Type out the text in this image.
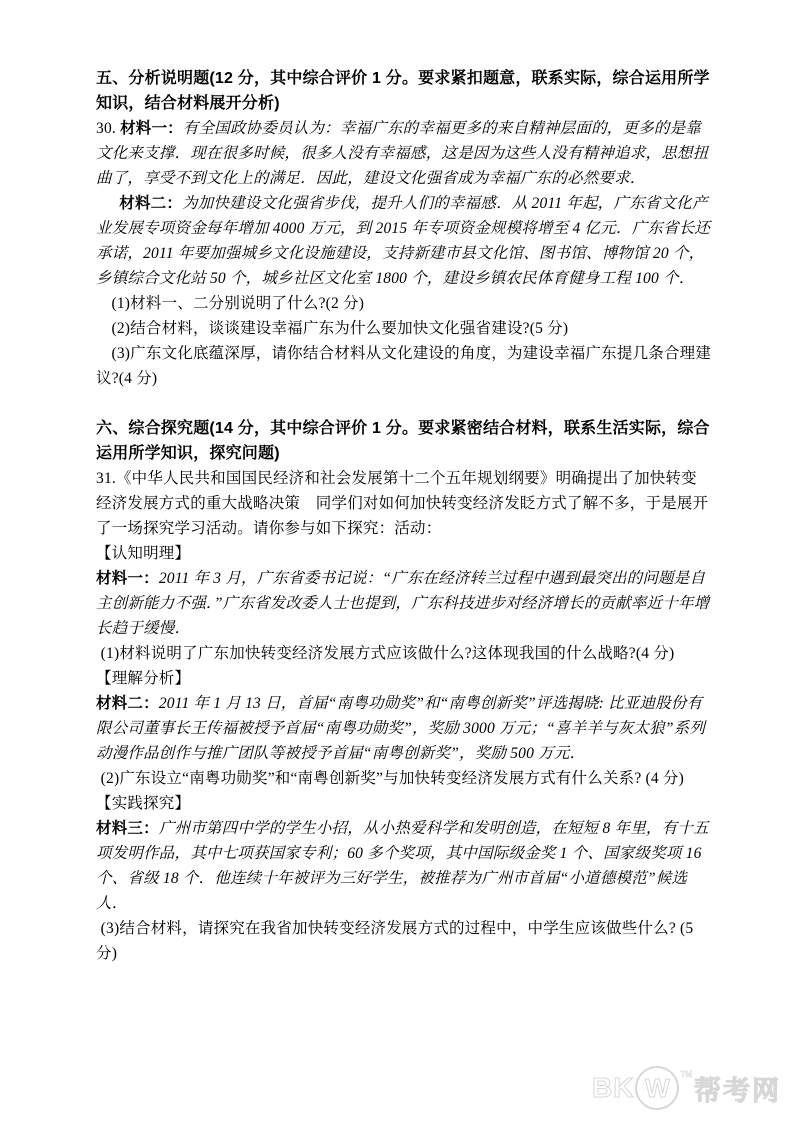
五、分析说明题(12 分，其中综合评价 1 分。要求紧扣题意，联系实际，综合运用所学知识，结合材料展开分析)

30. 材料一：有全国政协委员认为：幸福广东的幸福更多的来自精神层面的，更多的是靠文化来支撑．现在很多时候，很多人没有幸福感，这是因为这些人没有精神追求，思想扭曲了，享受不到文化上的满足．因此，建设文化强省成为幸福广东的必然要求．

材料二：为加快建设文化强省步伐，提升人们的幸福感．从 2011 年起，广东省文化产业发展专项资金每年增加 4000 万元，到 2015 年专项资金规模将增至 4 亿元．广东省长还承诺，2011 年要加强城乡文化设施建设，支持新建市县文化馆、图书馆、博物馆 20 个，乡镇综合文化站 50 个，城乡社区文化室 1800 个，建设乡镇农民体育健身工程 100 个．

(1)材料一、二分别说明了什么?(2 分)

(2)结合材料，谈谈建设幸福广东为什么要加快文化强省建设?(5 分)

(3)广东文化底蕴深厚，请你结合材料从文化建设的角度，为建设幸福广东提几条合理建议?(4 分)

六、综合探究题(14 分，其中综合评价 1 分。要求紧密结合材料，联系生活实际，综合运用所学知识，探究问题)

31.《中华人民共和国国民经济和社会发展第十二个五年规划纲要》明确提出了加快转变经济发展方式的重大战略决策　同学们对如何加快转变经济发眨方式了解不多，于是展开了一场探究学习活动。请你参与如下探究：活动：

【认知明理】

材料一：2011 年 3 月，广东省委书记说：“广东在经济转兰过程中遇到最突出的问题是自主创新能力不强．”广东省发改委人士也提到，广东科技进步对经济增长的贡献率近十年增长趋于缓慢．

(1)材料说明了广东加快转变经济发展方式应该做什么?这体现我国的什么战略?(4 分)

【理解分析】

材料二：2011 年 1 月 13 日，首届“南粤功勋奖”和“南粤创新奖”评选揭晓: 比亚迪股份有限公司董事长王传福被授予首届“南粤功勋奖”，奖励 3000 万元；“喜羊羊与灰太狼”系列动漫作品创作与推广团队等被授予首届“南粤创新奖”，奖励 500 万元．

(2)广东设立“南粤功勋奖”和“南粤创新奖”与加快转变经济发展方式有什么关系? (4 分)

【实践探究】

材料三：广州市第四中学的学生小招，从小热爱科学和发明创造，在短短 8 年里，有十五项发明作品，其中七项获国家专利；60 多个奖项，其中国际级金奖 1 个、国家级奖项 16 个、省级 18 个．他连续十年被评为三好学生，被推荐为广州市首届“小道德模范”候选人．

(3)结合材料，请探究在我省加快转变经济发展方式的过程中，中学生应该做些什么? (5 分)

BK W TM
帮考网
